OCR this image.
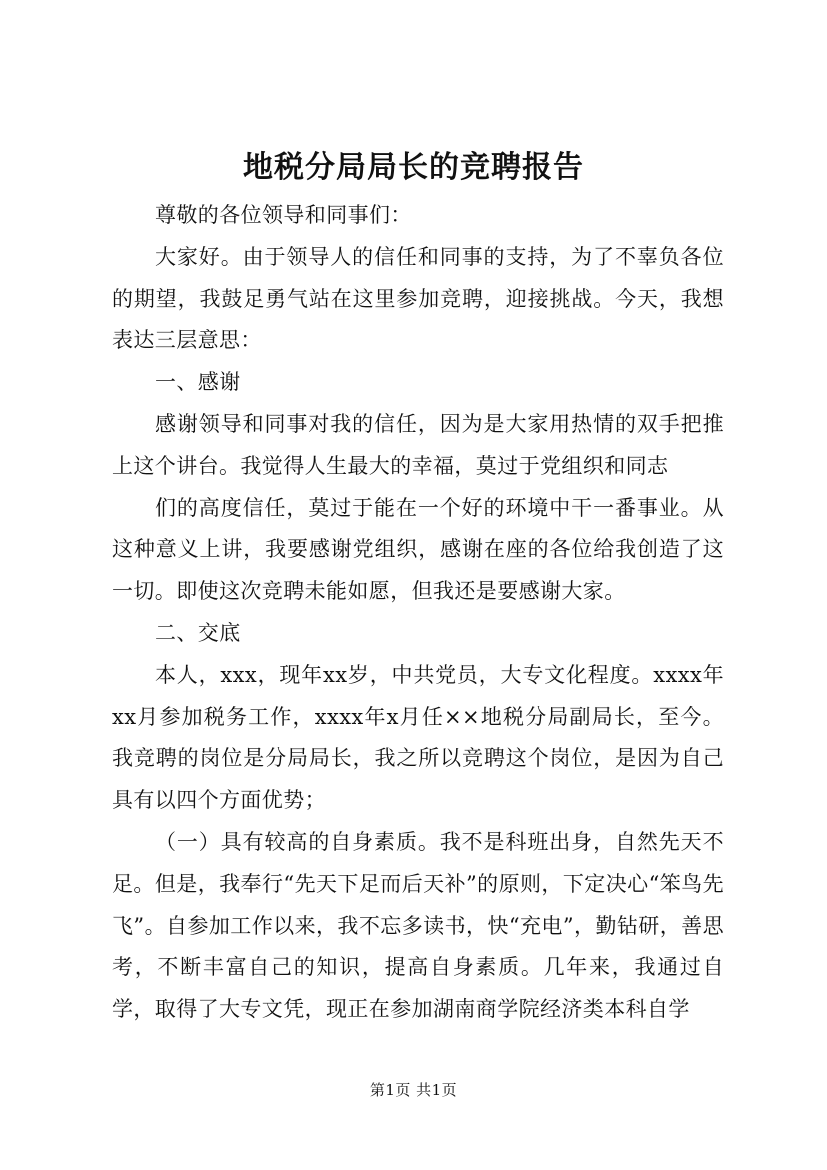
地税分局局长的竞聘报告

尊敬的各位领导和同事们：

大家好。由于领导人的信任和同事的支持，为了不辜负各位的期望，我鼓足勇气站在这里参加竞聘，迎接挑战。今天，我想表达三层意思：

一、感谢

感谢领导和同事对我的信任，因为是大家用热情的双手把推上这个讲台。我觉得人生最大的幸福，莫过于党组织和同志

们的高度信任，莫过于能在一个好的环境中干一番事业。从这种意义上讲，我要感谢党组织，感谢在座的各位给我创造了这一切。即使这次竞聘未能如愿，但我还是要感谢大家。

二、交底

本人，xxx，现年xx岁，中共党员，大专文化程度。xxxx年xx月参加税务工作，xxxx年x月任××地税分局副局长，至今。我竞聘的岗位是分局局长，我之所以竞聘这个岗位，是因为自己具有以四个方面优势；

（一）具有较高的自身素质。我不是科班出身，自然先天不足。但是，我奉行“先天下足而后天补”的原则，下定决心“笨鸟先飞”。自参加工作以来，我不忘多读书，快“充电”，勤钻研，善思考，不断丰富自己的知识，提高自身素质。几年来，我通过自学，取得了大专文凭，现正在参加湖南商学院经济类本科自学

第1页 共1页
